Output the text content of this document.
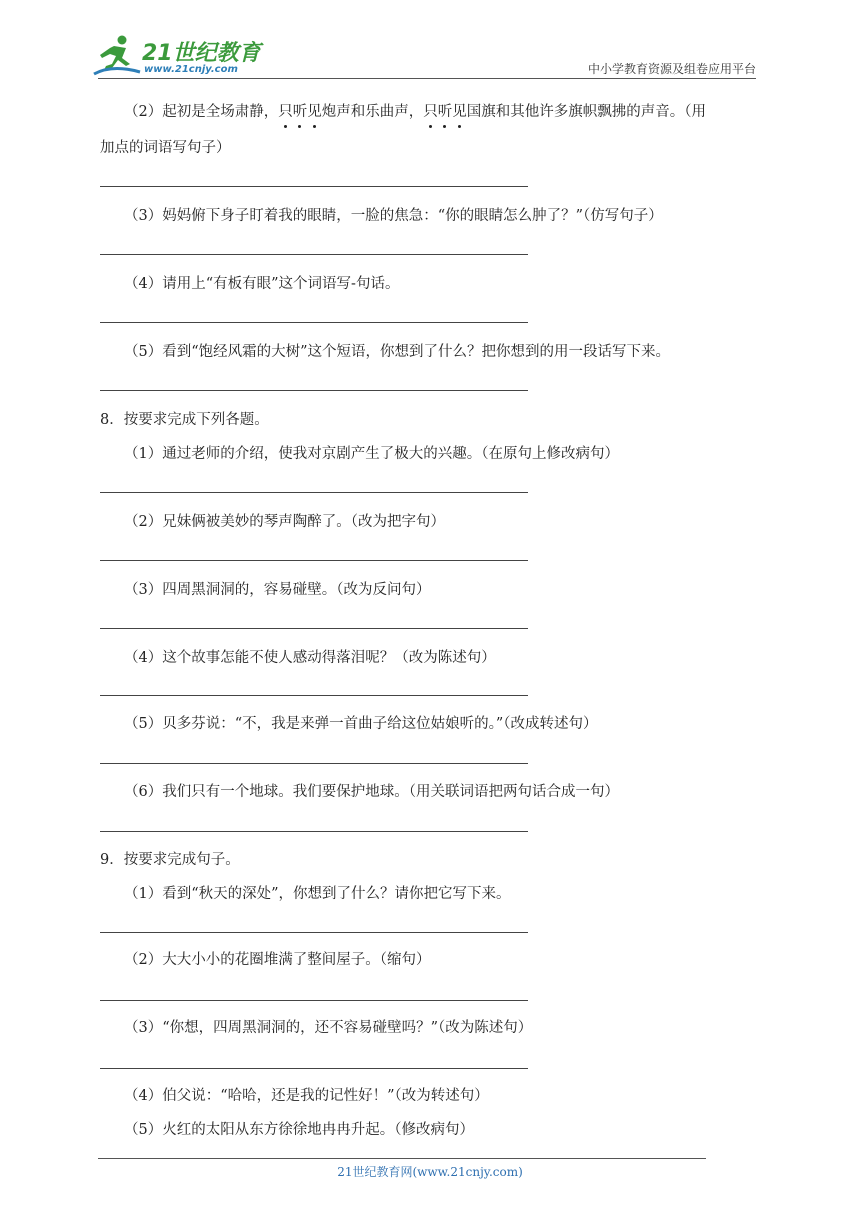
21世纪教育
www.21cnjy.com	中小学教育资源及组卷应用平台
（2）起初是全场肃静，只听见炮声和乐曲声，只听见国旗和其他许多旗帜飘拂的声音。（用
加点的词语写句子）
（3）妈妈俯下身子盯着我的眼睛，一脸的焦急：“你的眼睛怎么肿了？”（仿写句子）
（4）请用上“有板有眼”这个词语写-句话。
（5）看到“饱经风霜的大树”这个短语，你想到了什么？把你想到的用一段话写下来。
8．按要求完成下列各题。
（1）通过老师的介绍，使我对京剧产生了极大的兴趣。（在原句上修改病句）
（2）兄妹俩被美妙的琴声陶醉了。（改为把字句）
（3）四周黑洞洞的，容易碰壁。（改为反问句）
（4）这个故事怎能不使人感动得落泪呢？（改为陈述句）
（5）贝多芬说：“不，我是来弹一首曲子给这位姑娘听的。”（改成转述句）
（6）我们只有一个地球。我们要保护地球。（用关联词语把两句话合成一句）
9．按要求完成句子。
（1）看到“秋天的深处”，你想到了什么？请你把它写下来。
（2）大大小小的花圈堆满了整间屋子。（缩句）
（3）“你想，四周黑洞洞的，还不容易碰壁吗？”（改为陈述句）
（4）伯父说：“哈哈，还是我的记性好！”（改为转述句）
（5）火红的太阳从东方徐徐地冉冉升起。（修改病句）
21世纪教育网(www.21cnjy.com)
